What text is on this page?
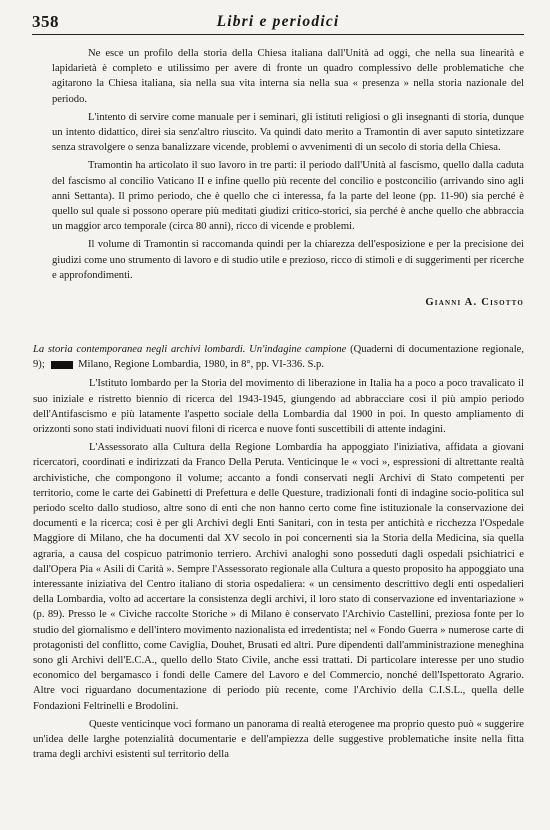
358	Libri e periodici

Ne esce un profilo della storia della Chiesa italiana dall'Unità ad oggi, che nella sua linearità e lapidarietà è completo e utilissimo per avere di fronte un quadro complessivo delle problematiche che agitarono la Chiesa italiana, sia nella sua vita interna sia nella sua « presenza » nella storia nazionale del periodo.

L'intento di servire come manuale per i seminari, gli istituti religiosi o gli insegnanti di storia, dunque un intento didattico, direi sia senz'altro riuscito. Va quindi dato merito a Tramontin di aver saputo sintetizzare senza stravolgere o senza banalizzare vicende, problemi o avvenimenti di un secolo di storia della Chiesa.

Tramontin ha articolato il suo lavoro in tre parti: il periodo dall'Unità al fascismo, quello dalla caduta del fascismo al concilio Vaticano II e infine quello più recente del concilio e postconcilio (arrivando sino agli anni Settanta). Il primo periodo, che è quello che ci interessa, fa la parte del leone (pp. 11-90) sia perché è quello sul quale si possono operare più meditati giudizi critico-storici, sia perché è anche quello che abbraccia un maggior arco temporale (circa 80 anni), ricco di vicende e problemi.

Il volume di Tramontin si raccomanda quindi per la chiarezza dell'esposizione e per la precisione dei giudizi come uno strumento di lavoro e di studio utile e prezioso, ricco di stimoli e di suggerimenti per ricerche e approfondimenti.

Gianni A. Cisotto

La storia contemporanea negli archivi lombardi. Un'indagine campione (Quaderni di documentazione regionale, 9);	Milano, Regione Lombardia, 1980, in 8°, pp. VI-336. S.p.

L'Istituto lombardo per la Storia del movimento di liberazione in Italia ha a poco a poco travalicato il suo iniziale e ristretto biennio di ricerca del 1943-1945, giungendo ad abbracciare così il più ampio periodo dell'Antifascismo e più latamente l'aspetto sociale della Lombardia dal 1900 in poi. In questo ampliamento di orizzonti sono stati individuati nuovi filoni di ricerca e nuove fonti suscettibili di attente indagini.

L'Assessorato alla Cultura della Regione Lombardia ha appoggiato l'iniziativa, affidata a giovani ricercatori, coordinati e indirizzati da Franco Della Peruta. Venticinque le « voci », espressioni di altrettante realtà archivistiche, che compongono il volume; accanto a fondi conservati negli Archivi di Stato competenti per territorio, come le carte dei Gabinetti di Prefettura e delle Questure, tradizionali fonti di indagine socio-politica sul periodo scelto dallo studioso, altre sono di enti che non hanno certo come fine istituzionale la conservazione dei documenti e la ricerca; così è per gli Archivi degli Enti Sanitari, con in testa per antichità e ricchezza l'Ospedale Maggiore di Milano, che ha documenti dal XV secolo in poi concernenti sia la Storia della Medicina, sia quella agraria, a causa del cospicuo patrimonio terriero. Archivi analoghi sono posseduti dagli ospedali psichiatrici e dall'Opera Pia « Asili di Carità ». Sempre l'Assessorato regionale alla Cultura a questo proposito ha appoggiato una interessante iniziativa del Centro italiano di storia ospedaliera: « un censimento descrittivo degli enti ospedalieri della Lombardia, volto ad accertare la consistenza degli archivi, il loro stato di conservazione ed inventariazione » (p. 89). Presso le « Civiche raccolte Storiche » di Milano è conservato l'Archivio Castellini, preziosa fonte per lo studio del giornalismo e dell'intero movimento nazionalista ed irredentista; nel « Fondo Guerra » numerose carte di protagonisti del conflitto, come Caviglia, Douhet, Brusati ed altri. Pure dipendenti dall'amministrazione meneghina sono gli Archivi dell'E.C.A., quello dello Stato Civile, anche essi trattati. Di particolare interesse per uno studio economico del bergamasco i fondi delle Camere del Lavoro e del Commercio, nonché dell'Ispettorato Agrario. Altre voci riguardano documentazione di periodo più recente, come l'Archivio della C.I.S.L., quella delle Fondazioni Feltrinelli e Brodolini.

Queste venticinque voci formano un panorama di realtà eterogenee ma proprio questo può « suggerire un'idea delle larghe potenzialità documentarie e dell'ampiezza delle suggestive problematiche insite nella fitta trama degli archivi esistenti sul territorio della
